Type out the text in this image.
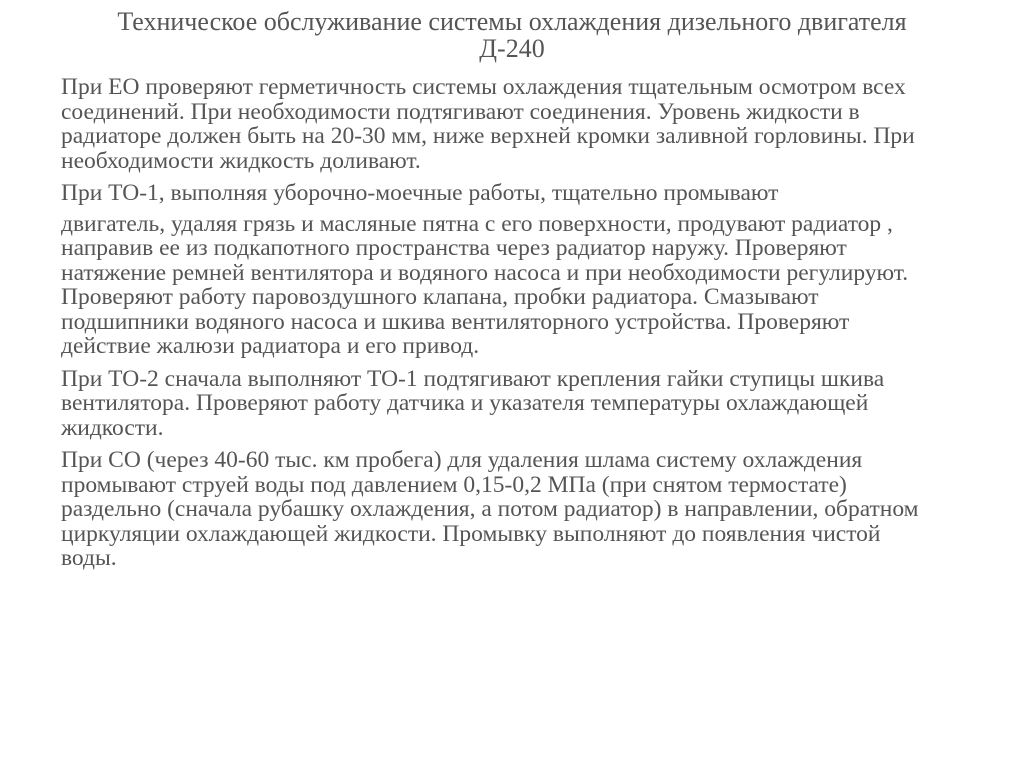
Техническое обслуживание системы охлаждения дизельного двигателя
Д-240

При ЕО проверяют герметичность системы охлаждения тщательным осмотром всех соединений. При необходимости подтягивают соединения. Уровень жидкости в радиаторе должен быть на 20-30 мм, ниже верхней кромки заливной горловины. При необходимости жидкость доливают.

При ТО-1, выполняя уборочно-моечные работы, тщательно промывают
двигатель, удаляя грязь и масляные пятна с его поверхности, продувают радиатор , направив ее из подкапотного пространства через радиатор наружу. Проверяют натяжение ремней вентилятора и водяного насоса и при необходимости регулируют. Проверяют работу паровоздушного клапана, пробки радиатора. Смазывают подшипники водяного насоса и шкива вентиляторного устройства. Проверяют действие жалюзи радиатора и его привод.

При ТО-2 сначала выполняют ТО-1 подтягивают крепления гайки ступицы шкива вентилятора. Проверяют работу датчика и указателя температуры охлаждающей жидкости.

При СО (через 40-60 тыс. км пробега) для удаления шлама систему охлаждения промывают струей воды под давлением 0,15-0,2 МПа (при снятом термостате) раздельно (сначала рубашку охлаждения, а потом радиатор) в направлении, обратном циркуляции охлаждающей жидкости. Промывку выполняют до появления чистой воды.
